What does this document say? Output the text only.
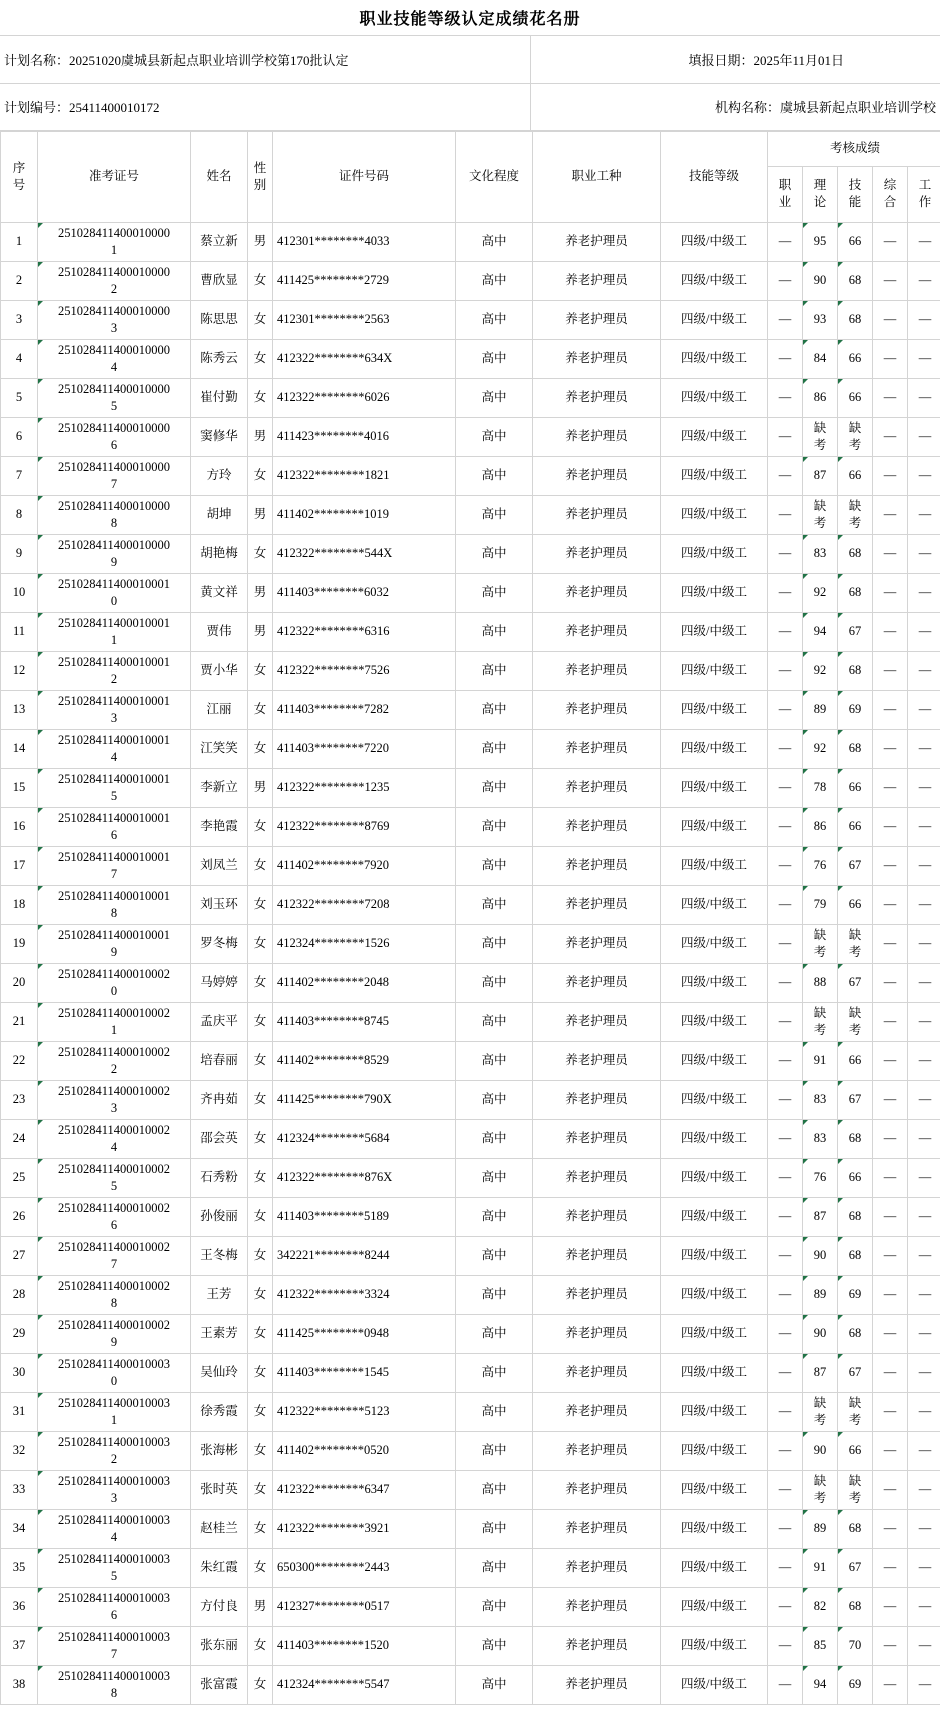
职业技能等级认定成绩花名册
计划名称：20251020虞城县新起点职业培训学校第170批认定	填报日期：2025年11月01日
计划编号：25411400010172	机构名称：虞城县新起点职业培训学校
序号	准考证号	姓名	性别	证件号码	文化程度	职业工种	技能等级	考核成绩				
								职业	理论	技能	综合	工作
1	2510284114000100001	蔡立新	男	412301********4033	高中	养老护理员	四级/中级工	—	95	66	—	—
2	2510284114000100002	曹欣显	女	411425********2729	高中	养老护理员	四级/中级工	—	90	68	—	—
3	2510284114000100003	陈思思	女	412301********2563	高中	养老护理员	四级/中级工	—	93	68	—	—
4	2510284114000100004	陈秀云	女	412322********634X	高中	养老护理员	四级/中级工	—	84	66	—	—
5	2510284114000100005	崔付勤	女	412322********6026	高中	养老护理员	四级/中级工	—	86	66	—	—
6	2510284114000100006	窦修华	男	411423********4016	高中	养老护理员	四级/中级工	—	缺考	缺考	—	—
7	2510284114000100007	方玲	女	412322********1821	高中	养老护理员	四级/中级工	—	87	66	—	—
8	2510284114000100008	胡坤	男	411402********1019	高中	养老护理员	四级/中级工	—	缺考	缺考	—	—
9	2510284114000100009	胡艳梅	女	412322********544X	高中	养老护理员	四级/中级工	—	83	68	—	—
10	2510284114000100010	黄文祥	男	411403********6032	高中	养老护理员	四级/中级工	—	92	68	—	—
11	2510284114000100011	贾伟	男	412322********6316	高中	养老护理员	四级/中级工	—	94	67	—	—
12	2510284114000100012	贾小华	女	412322********7526	高中	养老护理员	四级/中级工	—	92	68	—	—
13	2510284114000100013	江丽	女	411403********7282	高中	养老护理员	四级/中级工	—	89	69	—	—
14	2510284114000100014	江笑笑	女	411403********7220	高中	养老护理员	四级/中级工	—	92	68	—	—
15	2510284114000100015	李新立	男	412322********1235	高中	养老护理员	四级/中级工	—	78	66	—	—
16	2510284114000100016	李艳霞	女	412322********8769	高中	养老护理员	四级/中级工	—	86	66	—	—
17	2510284114000100017	刘凤兰	女	411402********7920	高中	养老护理员	四级/中级工	—	76	67	—	—
18	2510284114000100018	刘玉环	女	412322********7208	高中	养老护理员	四级/中级工	—	79	66	—	—
19	2510284114000100019	罗冬梅	女	412324********1526	高中	养老护理员	四级/中级工	—	缺考	缺考	—	—
20	2510284114000100020	马婷婷	女	411402********2048	高中	养老护理员	四级/中级工	—	88	67	—	—
21	2510284114000100021	孟庆平	女	411403********8745	高中	养老护理员	四级/中级工	—	缺考	缺考	—	—
22	2510284114000100022	培春丽	女	411402********8529	高中	养老护理员	四级/中级工	—	91	66	—	—
23	2510284114000100023	齐冉茹	女	411425********790X	高中	养老护理员	四级/中级工	—	83	67	—	—
24	2510284114000100024	邵会英	女	412324********5684	高中	养老护理员	四级/中级工	—	83	68	—	—
25	2510284114000100025	石秀粉	女	412322********876X	高中	养老护理员	四级/中级工	—	76	66	—	—
26	2510284114000100026	孙俊丽	女	411403********5189	高中	养老护理员	四级/中级工	—	87	68	—	—
27	2510284114000100027	王冬梅	女	342221********8244	高中	养老护理员	四级/中级工	—	90	68	—	—
28	2510284114000100028	王芳	女	412322********3324	高中	养老护理员	四级/中级工	—	89	69	—	—
29	2510284114000100029	王素芳	女	411425********0948	高中	养老护理员	四级/中级工	—	90	68	—	—
30	2510284114000100030	吴仙玲	女	411403********1545	高中	养老护理员	四级/中级工	—	87	67	—	—
31	2510284114000100031	徐秀霞	女	412322********5123	高中	养老护理员	四级/中级工	—	缺考	缺考	—	—
32	2510284114000100032	张海彬	女	411402********0520	高中	养老护理员	四级/中级工	—	90	66	—	—
33	2510284114000100033	张时英	女	412322********6347	高中	养老护理员	四级/中级工	—	缺考	缺考	—	—
34	2510284114000100034	赵桂兰	女	412322********3921	高中	养老护理员	四级/中级工	—	89	68	—	—
35	2510284114000100035	朱红霞	女	650300********2443	高中	养老护理员	四级/中级工	—	91	67	—	—
36	2510284114000100036	方付良	男	412327********0517	高中	养老护理员	四级/中级工	—	82	68	—	—
37	2510284114000100037	张东丽	女	411403********1520	高中	养老护理员	四级/中级工	—	85	70	—	—
38	2510284114000100038	张富霞	女	412324********5547	高中	养老护理员	四级/中级工	—	94	69	—	—
